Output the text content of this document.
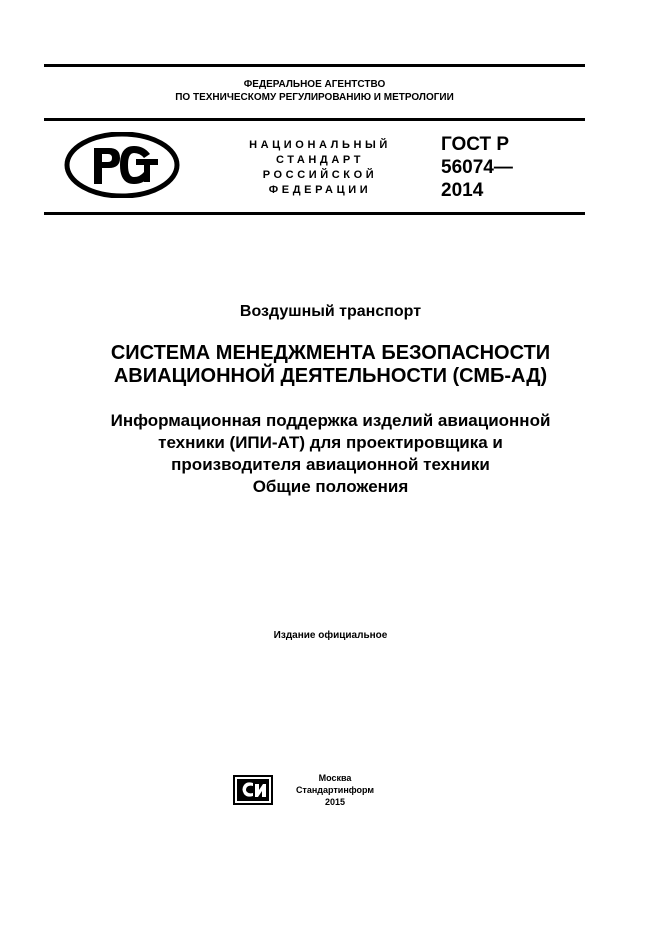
ФЕДЕРАЛЬНОЕ АГЕНТСТВО
ПО ТЕХНИЧЕСКОМУ РЕГУЛИРОВАНИЮ И МЕТРОЛОГИИ
НАЦИОНАЛЬНЫЙ
СТАНДАРТ
РОССИЙСКОЙ
ФЕДЕРАЦИИ
ГОСТ Р
56074—
2014
Воздушный транспорт
СИСТЕМА МЕНЕДЖМЕНТА БЕЗОПАСНОСТИ
АВИАЦИОННОЙ ДЕЯТЕЛЬНОСТИ (СМБ-АД)
Информационная поддержка изделий авиационной
техники (ИПИ-АТ) для проектировщика и
производителя авиационной техники
Общие положения
Издание официальное
Москва
Стандартинформ
2015
